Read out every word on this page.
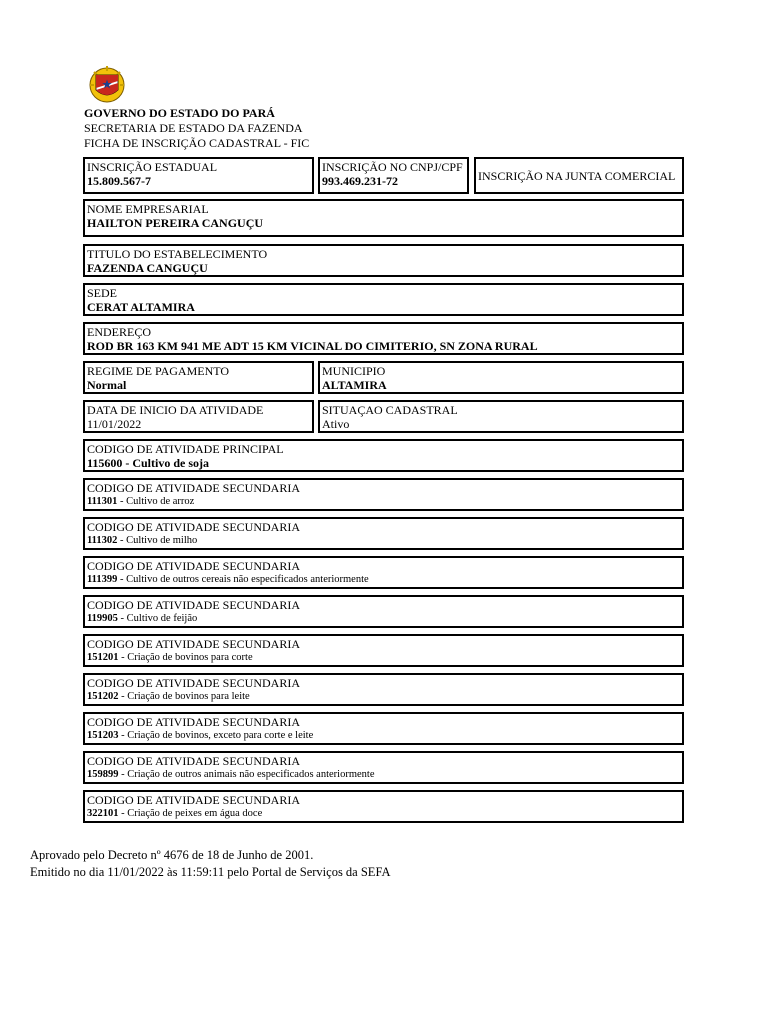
GOVERNO DO ESTADO DO PARÁ
SECRETARIA DE ESTADO DA FAZENDA
FICHA DE INSCRIÇÃO CADASTRAL - FIC
INSCRIÇÃO ESTADUAL
15.809.567-7
INSCRIÇÃO NO CNPJ/CPF
993.469.231-72	INSCRIÇÃO NA JUNTA COMERCIAL
NOME EMPRESARIAL
HAILTON PEREIRA CANGUÇU
TITULO DO ESTABELECIMENTO
FAZENDA CANGUÇU
SEDE
CERAT ALTAMIRA
ENDEREÇO
ROD BR 163 KM 941 ME ADT 15 KM VICINAL DO CIMITERIO, SN ZONA RURAL
REGIME DE PAGAMENTO
Normal
MUNICIPIO
ALTAMIRA
DATA DE INICIO DA ATIVIDADE
11/01/2022
SITUAÇAO CADASTRAL
Ativo
CODIGO DE ATIVIDADE PRINCIPAL
115600 - Cultivo de soja
CODIGO DE ATIVIDADE SECUNDARIA
111301 - Cultivo de arroz
CODIGO DE ATIVIDADE SECUNDARIA
111302 - Cultivo de milho
CODIGO DE ATIVIDADE SECUNDARIA
111399 - Cultivo de outros cereais não especificados anteriormente
CODIGO DE ATIVIDADE SECUNDARIA
119905 - Cultivo de feijão
CODIGO DE ATIVIDADE SECUNDARIA
151201 - Criação de bovinos para corte
CODIGO DE ATIVIDADE SECUNDARIA
151202 - Criação de bovinos para leite
CODIGO DE ATIVIDADE SECUNDARIA
151203 - Criação de bovinos, exceto para corte e leite
CODIGO DE ATIVIDADE SECUNDARIA
159899 - Criação de outros animais não especificados anteriormente
CODIGO DE ATIVIDADE SECUNDARIA
322101 - Criação de peixes em água doce
Aprovado pelo Decreto nº 4676 de 18 de Junho de 2001.
Emitido no dia 11/01/2022 às 11:59:11 pelo Portal de Serviços da SEFA
